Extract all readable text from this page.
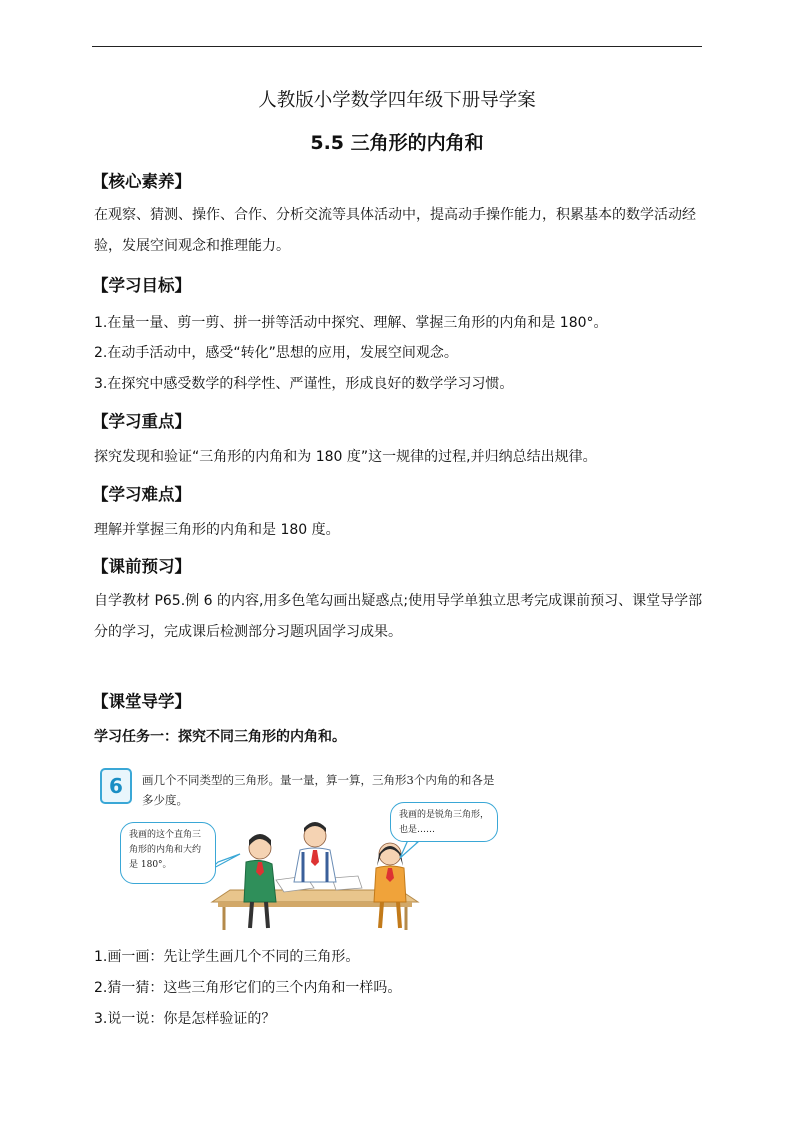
人教版小学数学四年级下册导学案
5.5 三角形的内角和
【核心素养】
在观察、猜测、操作、合作、分析交流等具体活动中，提高动手操作能力，积累基本的数学活动经验，发展空间观念和推理能力。
【学习目标】
1.在量一量、剪一剪、拼一拼等活动中探究、理解、掌握三角形的内角和是 180°。
2.在动手活动中，感受“转化”思想的应用，发展空间观念。
3.在探究中感受数学的科学性、严谨性，形成良好的数学学习习惯。
【学习重点】
探究发现和验证“三角形的内角和为 180 度”这一规律的过程,并归纳总结出规律。
【学习难点】
理解并掌握三角形的内角和是 180 度。
【课前预习】
自学教材 P65.例 6 的内容,用多色笔勾画出疑惑点;使用导学单独立思考完成课前预习、课堂导学部分的学习，完成课后检测部分习题巩固学习成果。
【课堂导学】
学习任务一：探究不同三角形的内角和。
6	画几个不同类型的三角形。量一量，算一算，三角形3个内角的和各是多少度。
我画的这个直角三角形的内角和大约是 180°。
我画的是锐角三角形，也是……
1.画一画：先让学生画几个不同的三角形。
2.猜一猜：这些三角形它们的三个内角和一样吗。
3.说一说：你是怎样验证的？
